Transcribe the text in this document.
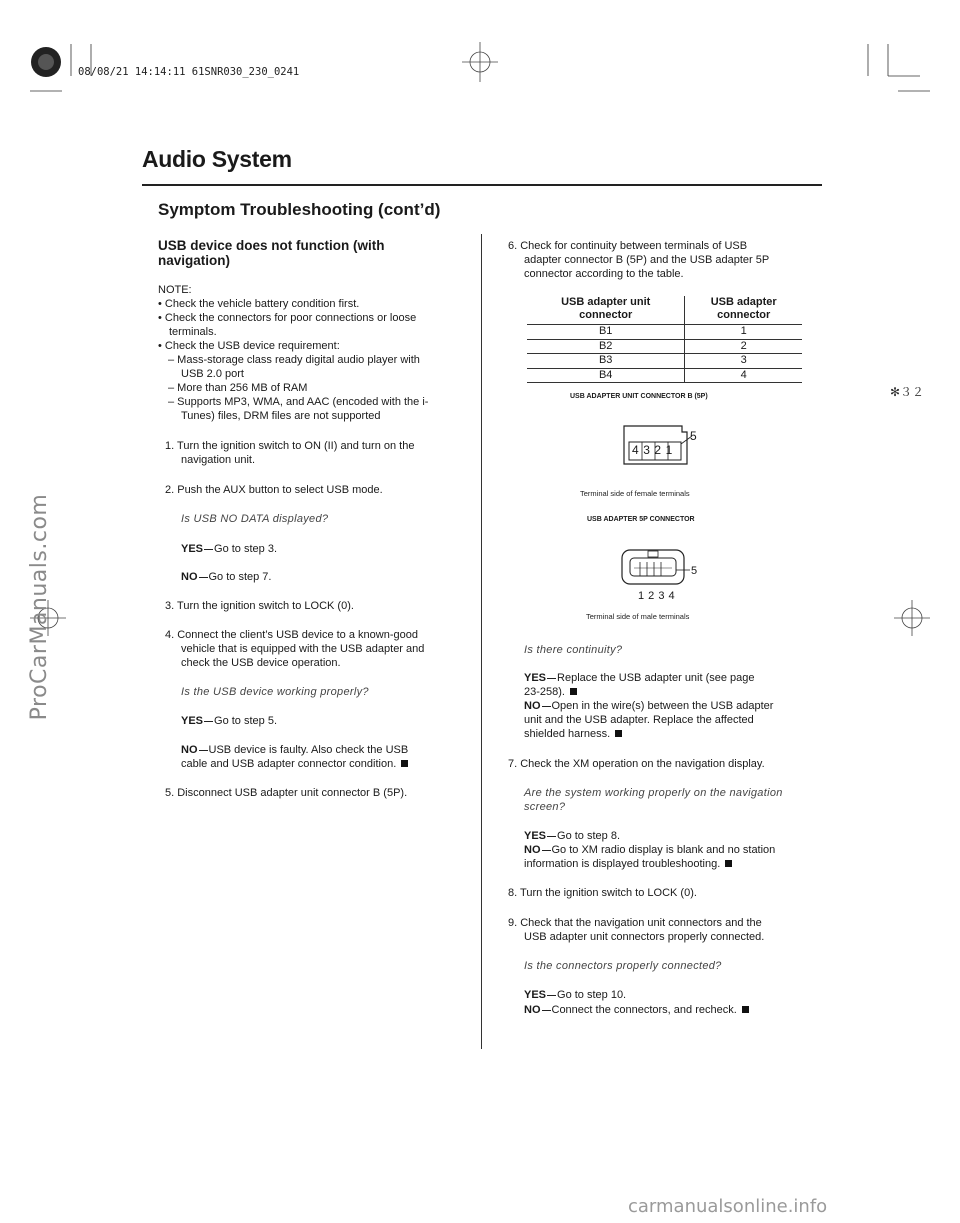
08/08/21 14:14:11 61SNR030_230_0241
ProCarManuals.com
carmanualsonline.info
✻３２
Audio System
Symptom Troubleshooting (cont’d)
USB device does not function (with
navigation)
NOTE:
• Check the vehicle battery condition first.
• Check the connectors for poor connections or loose
terminals.
• Check the USB device requirement:
– Mass-storage class ready digital audio player with
USB 2.0 port
– More than 256 MB of RAM
– Supports MP3, WMA, and AAC (encoded with the i-
Tunes) files, DRM files are not supported
1. Turn the ignition switch to ON (II) and turn on the
navigation unit.
2. Push the AUX button to select USB mode.
Is USB NO DATA displayed?
YES Go to step 3.
NO Go to step 7.
3. Turn the ignition switch to LOCK (0).
4. Connect the client’s USB device to a known-good
vehicle that is equipped with the USB adapter and
check the USB device operation.
Is the USB device working properly?
YES Go to step 5.
NO USB device is faulty. Also check the USB
cable and USB adapter connector condition.
5. Disconnect USB adapter unit connector B (5P).
6. Check for continuity between terminals of USB
adapter connector B (5P) and the USB adapter 5P
connector according to the table.
USB adapter unit
connector	USB adapter
connector
B1	1
B2	2
B3	3
B4	4
USB ADAPTER UNIT CONNECTOR B (5P)
4321
5
Terminal side of female terminals
USB ADAPTER 5P CONNECTOR
1 2 3 4
5
Terminal side of male terminals
Is there continuity?
YES Replace the USB adapter unit (see page
23-258).
NO Open in the wire(s) between the USB adapter
unit and the USB adapter. Replace the affected
shielded harness.
7. Check the XM operation on the navigation display.
Are the system working properly on the navigation
screen?
YES Go to step 8.
NO Go to XM radio display is blank and no station
information is displayed troubleshooting.
8. Turn the ignition switch to LOCK (0).
9. Check that the navigation unit connectors and the
USB adapter unit connectors properly connected.
Is the connectors properly connected?
YES Go to step 10.
NO Connect the connectors, and recheck.
